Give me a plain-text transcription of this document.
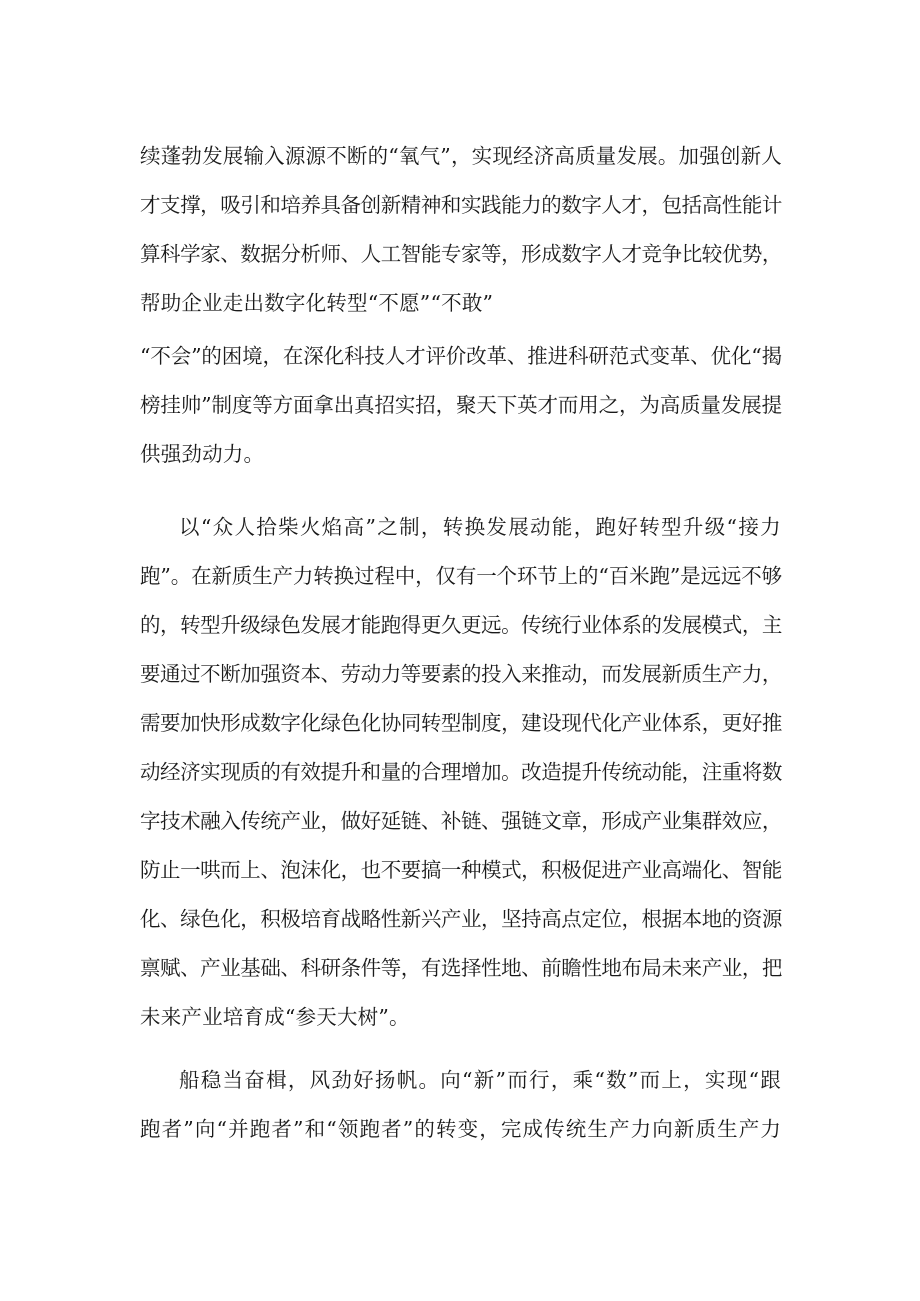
续蓬勃发展输入源源不断的“氧气”，实现经济高质量发展。加强创新人
才支撑，吸引和培养具备创新精神和实践能力的数字人才，包括高性能计
算科学家、数据分析师、人工智能专家等，形成数字人才竞争比较优势，
帮助企业走出数字化转型“不愿”“不敢”
“不会”的困境，在深化科技人才评价改革、推进科研范式变革、优化“揭
榜挂帅”制度等方面拿出真招实招，聚天下英才而用之，为高质量发展提
供强劲动力。
以“众人拾柴火焰高”之制，转换发展动能，跑好转型升级“接力
跑”。在新质生产力转换过程中，仅有一个环节上的“百米跑”是远远不够
的，转型升级绿色发展才能跑得更久更远。传统行业体系的发展模式，主
要通过不断加强资本、劳动力等要素的投入来推动，而发展新质生产力，
需要加快形成数字化绿色化协同转型制度，建设现代化产业体系，更好推
动经济实现质的有效提升和量的合理增加。改造提升传统动能，注重将数
字技术融入传统产业，做好延链、补链、强链文章，形成产业集群效应，
防止一哄而上、泡沫化，也不要搞一种模式，积极促进产业高端化、智能
化、绿色化，积极培育战略性新兴产业，坚持高点定位，根据本地的资源
禀赋、产业基础、科研条件等，有选择性地、前瞻性地布局未来产业，把
未来产业培育成“参天大树”。
船稳当奋楫，风劲好扬帆。向“新”而行，乘“数”而上，实现“跟
跑者”向“并跑者”和“领跑者”的转变，完成传统生产力向新质生产力
